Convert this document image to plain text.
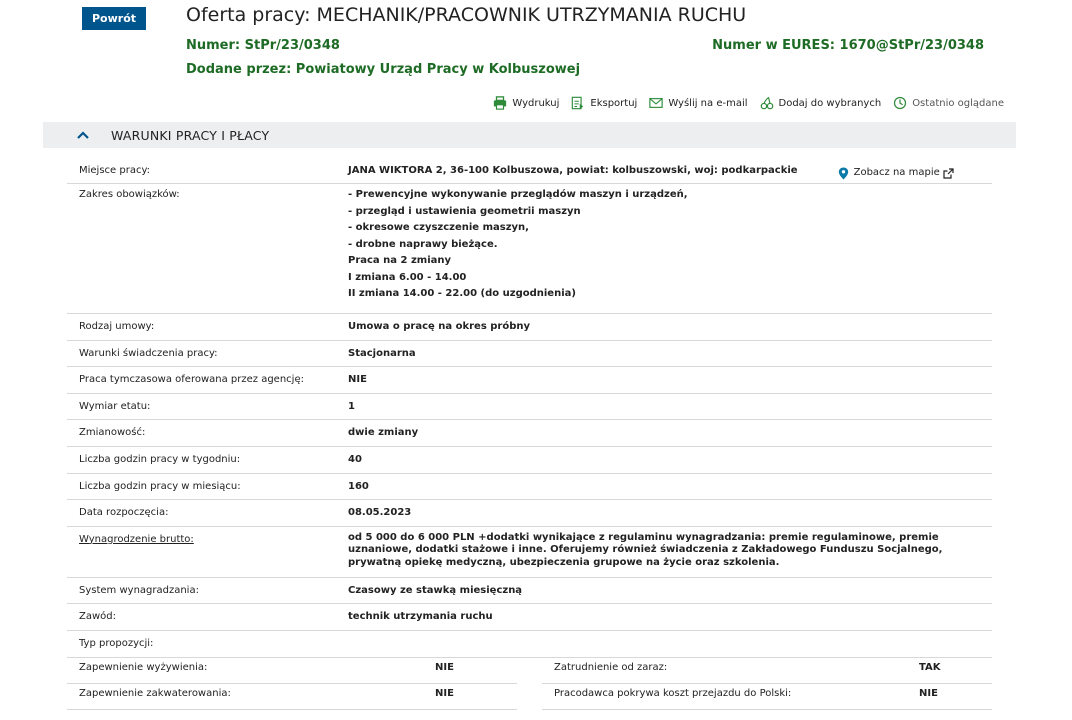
Powrót	Oferta pracy: MECHANIK/PRACOWNIK UTRZYMANIA RUCHU
Numer: StPr/23/0348	Numer w EURES: 1670@StPr/23/0348
Dodane przez: Powiatowy Urząd Pracy w Kolbuszowej
Wydrukuj	Eksportuj	Wyślij na e-mail	Dodaj do wybranych	Ostatnio oglądane
WARUNKI PRACY I PŁACY
Miejsce pracy:	JANA WIKTORA 2, 36-100 Kolbuszowa, powiat: kolbuszowski, woj: podkarpackie	Zobacz na mapie
Zakres obowiązków:	- Prewencyjne wykonywanie przeglądów maszyn i urządzeń,
- przegląd i ustawienia geometrii maszyn
- okresowe czyszczenie maszyn,
- drobne naprawy bieżące.
Praca na 2 zmiany
I zmiana 6.00 - 14.00
II zmiana 14.00 - 22.00 (do uzgodnienia)
Rodzaj umowy:	Umowa o pracę na okres próbny
Warunki świadczenia pracy:	Stacjonarna
Praca tymczasowa oferowana przez agencję:	NIE
Wymiar etatu:	1
Zmianowość:	dwie zmiany
Liczba godzin pracy w tygodniu:	40
Liczba godzin pracy w miesiącu:	160
Data rozpoczęcia:	08.05.2023
Wynagrodzenie brutto:	od 5 000 do 6 000 PLN +dodatki wynikające z regulaminu wynagradzania: premie regulaminowe, premie uznaniowe, dodatki stażowe i inne. Oferujemy również świadczenia z Zakładowego Funduszu Socjalnego, prywatną opiekę medyczną, ubezpieczenia grupowe na życie oraz szkolenia.
System wynagradzania:	Czasowy ze stawką miesięczną
Zawód:	technik utrzymania ruchu
Typ propozycji:
Zapewnienie wyżywienia:	NIE	Zatrudnienie od zaraz:	TAK
Zapewnienie zakwaterowania:	NIE	Pracodawca pokrywa koszt przejazdu do Polski:	NIE
